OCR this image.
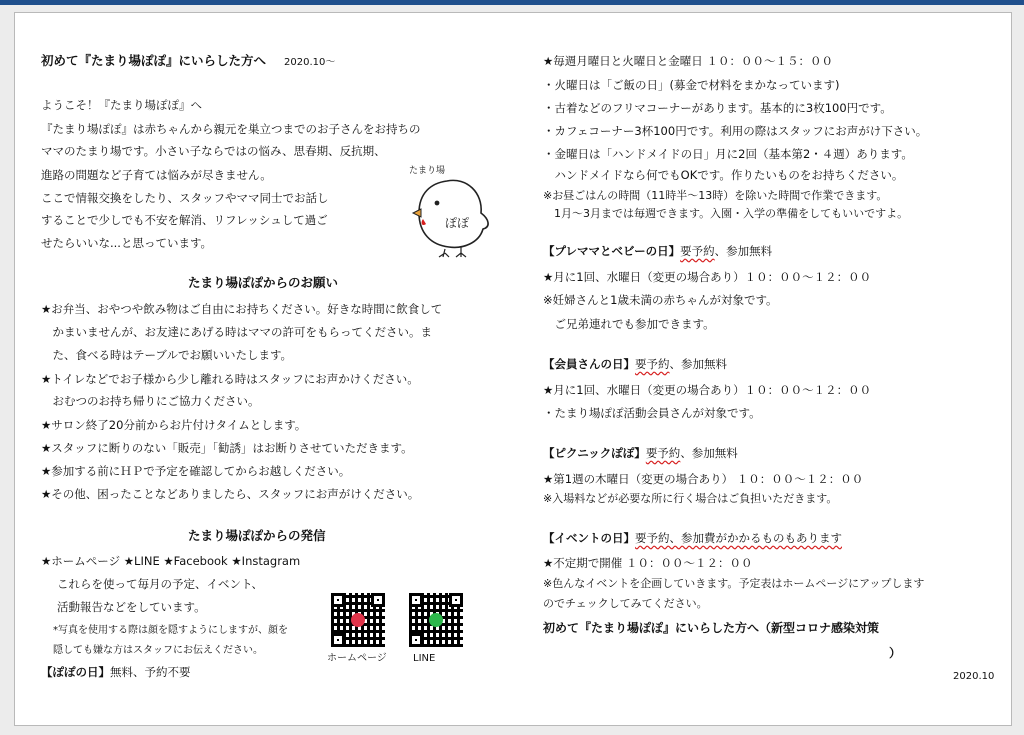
初めて『たまり場ぽぽ』にいらした方へ 2020.10～
ようこそ！『たまり場ぽぽ』へ
『たまり場ぽぽ』は赤ちゃんから親元を巣立つまでのお子さんをお持ちの
ママのたまり場です。小さい子ならではの悩み、思春期、反抗期、
進路の問題など子育ては悩みが尽きません。
ここで情報交換をしたり、スタッフやママ同士でお話し
することで少しでも不安を解消、リフレッシュして過ご
せたらいいな...と思っています。
たまり場
ぽぽ
たまり場ぽぽからのお願い
★お弁当、おやつや飲み物はご自由にお持ちください。好きな時間に飲食して
　かまいませんが、お友達にあげる時はママの許可をもらってください。ま
　た、食べる時はテーブルでお願いいたします。
★トイレなどでお子様から少し離れる時はスタッフにお声かけください。
　おむつのお持ち帰りにご協力ください。
★サロン終了20分前からお片付けタイムとします。
★スタッフに断りのない「販売」「勧誘」はお断りさせていただきます。
★参加する前にＨＰで予定を確認してからお越しください。
★その他、困ったことなどありましたら、スタッフにお声がけください。
たまり場ぽぽからの発信
★ホームページ ★LINE ★Facebook ★Instagram
これらを使って毎月の予定、イベント、
活動報告などをしています。
*写真を使用する際は顔を隠すようにしますが、顔を
隠しても嫌な方はスタッフにお伝えください。
ホームページ	LINE
【ぽぽの日】無料、予約不要
★毎週月曜日と火曜日と金曜日 １０：００～１５：００
・火曜日は「ご飯の日」(募金で材料をまかなっています)
・古着などのフリマコーナーがあります。基本的に3枚100円です。
・カフェコーナー3杯100円です。利用の際はスタッフにお声がけ下さい。
・金曜日は「ハンドメイドの日」月に2回（基本第2・４週）あります。
　ハンドメイドなら何でもOKです。作りたいものをお持ちください。
※お昼ごはんの時間（11時半～13時）を除いた時間で作業できます。
　1月～3月までは毎週できます。入園・入学の準備をしてもいいですよ。
【プレママとベビーの日】要予約、参加無料
★月に1回、水曜日（変更の場合あり）１０：００～１２：００
※妊婦さんと1歳未満の赤ちゃんが対象です。
　ご兄弟連れでも参加できます。
【会員さんの日】要予約、参加無料
★月に1回、水曜日（変更の場合あり）１０：００～１２：００
・たまり場ぽぽ活動会員さんが対象です。
【ピクニックぽぽ】要予約、参加無料
★第1週の木曜日（変更の場合あり） １０：００～１２：００
※入場料などが必要な所に行く場合はご負担いただきます。
【イベントの日】要予約、参加費がかかるものもあります
★不定期で開催 １０：００～１２：００
※色んなイベントを企画していきます。予定表はホームページにアップします
のでチェックしてみてください。
初めて『たまり場ぽぽ』にいらした方へ（新型コロナ感染対策
）
2020.10
